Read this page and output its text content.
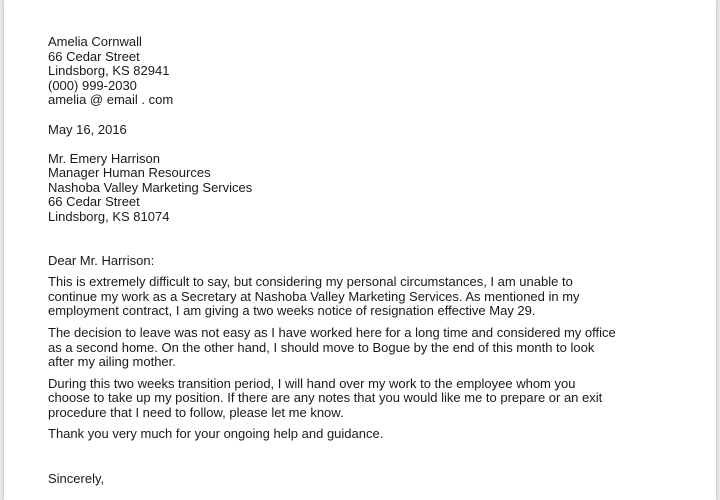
Amelia Cornwall
66 Cedar Street
Lindsborg, KS 82941
(000) 999-2030
amelia @ email . com
May 16, 2016
Mr. Emery Harrison
Manager Human Resources
Nashoba Valley Marketing Services
66 Cedar Street
Lindsborg, KS 81074
Dear Mr. Harrison:
This is extremely difficult to say, but considering my personal circumstances, I am unable to
continue my work as a Secretary at Nashoba Valley Marketing Services. As mentioned in my
employment contract, I am giving a two weeks notice of resignation effective May 29.
The decision to leave was not easy as I have worked here for a long time and considered my office
as a second home. On the other hand, I should move to Bogue by the end of this month to look
after my ailing mother.
During this two weeks transition period, I will hand over my work to the employee whom you
choose to take up my position. If there are any notes that you would like me to prepare or an exit
procedure that I need to follow, please let me know.
Thank you very much for your ongoing help and guidance.
Sincerely,
